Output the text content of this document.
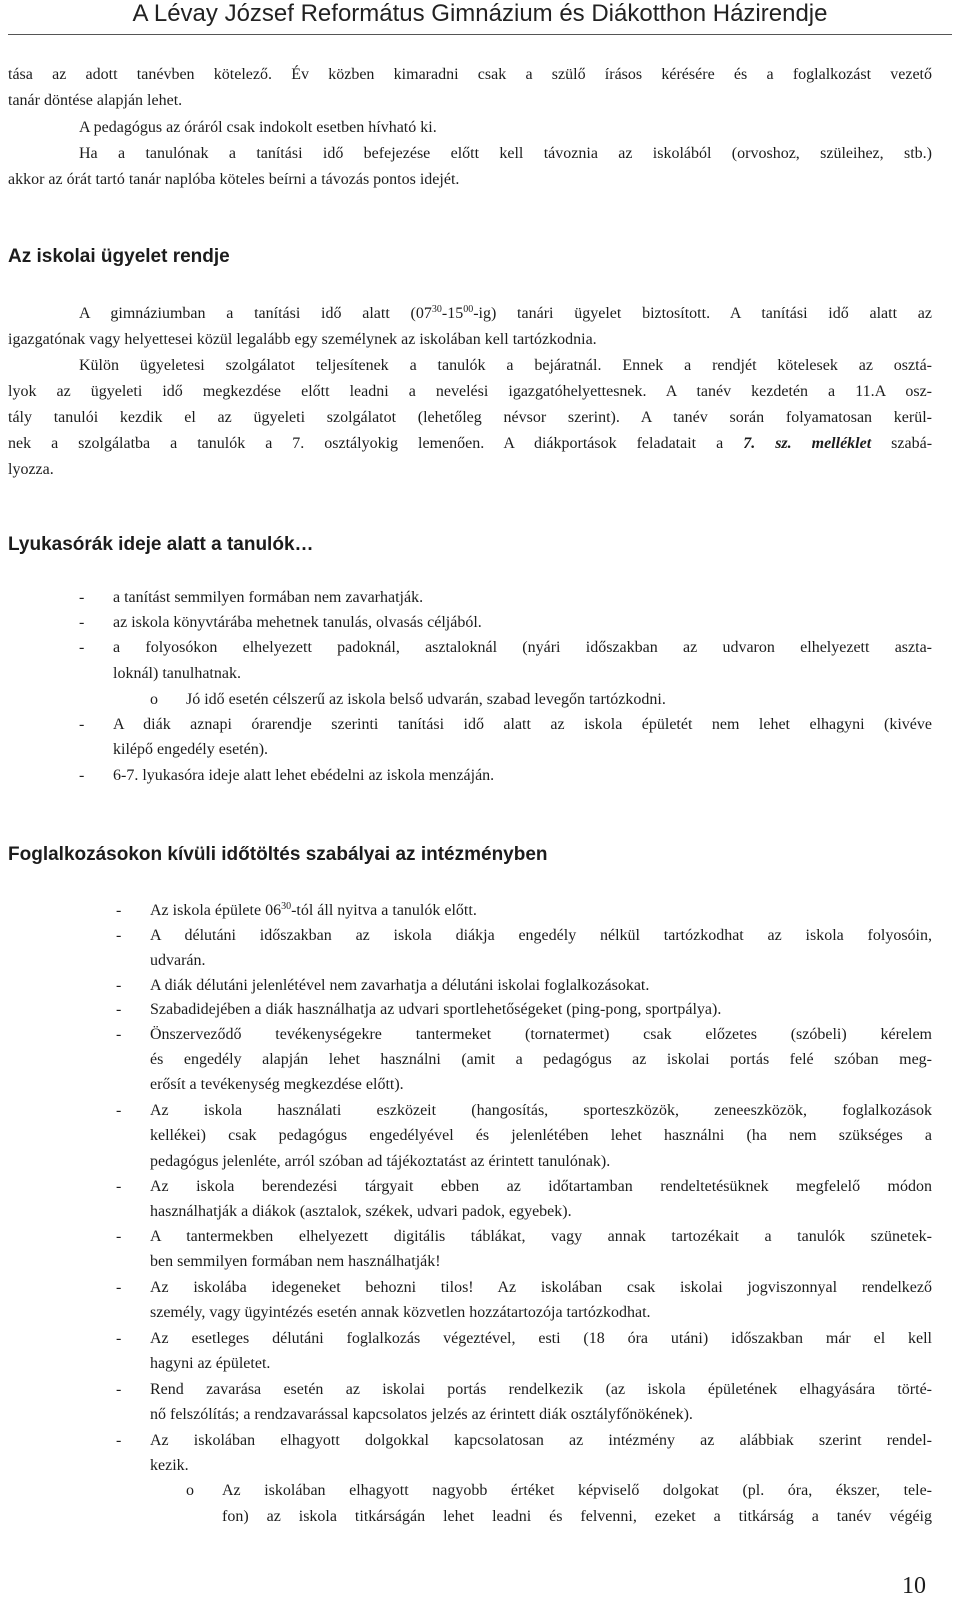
A Lévay József Református Gimnázium és Diákotthon Házirendje
tása az adott tanévben kötelező. Év közben kimaradni csak a szülő írásos kérésére és a foglalkozást vezető
tanár döntése alapján lehet.
A pedagógus az óráról csak indokolt esetben hívható ki.
Ha a tanulónak a tanítási idő befejezése előtt kell távoznia az iskolából (orvoshoz, szüleihez, stb.)
akkor az órát tartó tanár naplóba köteles beírni a távozás pontos idejét.
Az iskolai ügyelet rendje
A gimnáziumban a tanítási idő alatt $(07^{30}-15^{00}-ig)$ tanári ügyelet biztosított. A tanítási idő alatt az
igazgatónak vagy helyettesei közül legalább egy személynek az iskolában kell tartózkodnia.
Külön ügyeletesi szolgálatot teljesítenek a tanulók a bejáratnál. Ennek a rendjét kötelesek az osztá-
lyok az ügyeleti idő megkezdése előtt leadni a nevelési igazgatóhelyettesnek. A tanév kezdetén a 11.A osz-
tály tanulói kezdik el az ügyeleti szolgálatot (lehetőleg névsor szerint). A tanév során folyamatosan kerül-
nek a szolgálatba a tanulók a 7. osztályokig lemenően. A diákportások feladatait a 7. sz. melléklet szabá-
lyozza.
Lyukasórák ideje alatt a tanulók…
- a tanítást semmilyen formában nem zavarhatják.
- az iskola könyvtárába mehetnek tanulás, olvasás céljából.
- a folyosókon elhelyezett padoknál, asztaloknál (nyári időszakban az udvaron elhelyezett aszta-
loknál) tanulhatnak.
o Jó idő esetén célszerű az iskola belső udvarán, szabad levegőn tartózkodni.
- A diák aznapi órarendje szerinti tanítási idő alatt az iskola épületét nem lehet elhagyni (kivéve
kilépő engedély esetén).
- 6-7. lyukasóra ideje alatt lehet ebédelni az iskola menzáján.
Foglalkozásokon kívüli időtöltés szabályai az intézményben
- Az iskola épülete $06^{30}$-tól áll nyitva a tanulók előtt.
- A délutáni időszakban az iskola diákja engedély nélkül tartózkodhat az iskola folyosóin,
udvarán.
- A diák délutáni jelenlétével nem zavarhatja a délutáni iskolai foglalkozásokat.
- Szabadidejében a diák használhatja az udvari sportlehetőségeket (ping-pong, sportpálya).
- Önszerveződő tevékenységekre tantermeket (tornatermet) csak előzetes (szóbeli) kérelem
és engedély alapján lehet használni (amit a pedagógus az iskolai portás felé szóban meg-
erősít a tevékenység megkezdése előtt).
- Az iskola használati eszközeit (hangosítás, sporteszközök, zeneeszközök, foglalkozások
kellékei) csak pedagógus engedélyével és jelenlétében lehet használni (ha nem szükséges a
pedagógus jelenléte, arról szóban ad tájékoztatást az érintett tanulónak).
- Az iskola berendezési tárgyait ebben az időtartamban rendeltetésüknek megfelelő módon
használhatják a diákok (asztalok, székek, udvari padok, egyebek).
- A tantermekben elhelyezett digitális táblákat, vagy annak tartozékait a tanulók szünetek-
ben semmilyen formában nem használhatják!
- Az iskolába idegeneket behozni tilos! Az iskolában csak iskolai jogviszonnyal rendelkező
személy, vagy ügyintézés esetén annak közvetlen hozzátartozója tartózkodhat.
- Az esetleges délutáni foglalkozás végeztével, esti (18 óra utáni) időszakban már el kell
hagyni az épületet.
- Rend zavarása esetén az iskolai portás rendelkezik (az iskola épületének elhagyására törté-
nő felszólítás; a rendzavarással kapcsolatos jelzés az érintett diák osztályfőnökének).
- Az iskolában elhagyott dolgokkal kapcsolatosan az intézmény az alábbiak szerint rendel-
kezik.
o Az iskolában elhagyott nagyobb értéket képviselő dolgokat (pl. óra, ékszer, tele-
fon) az iskola titkárságán lehet leadni és felvenni, ezeket a titkárság a tanév végéig
10
